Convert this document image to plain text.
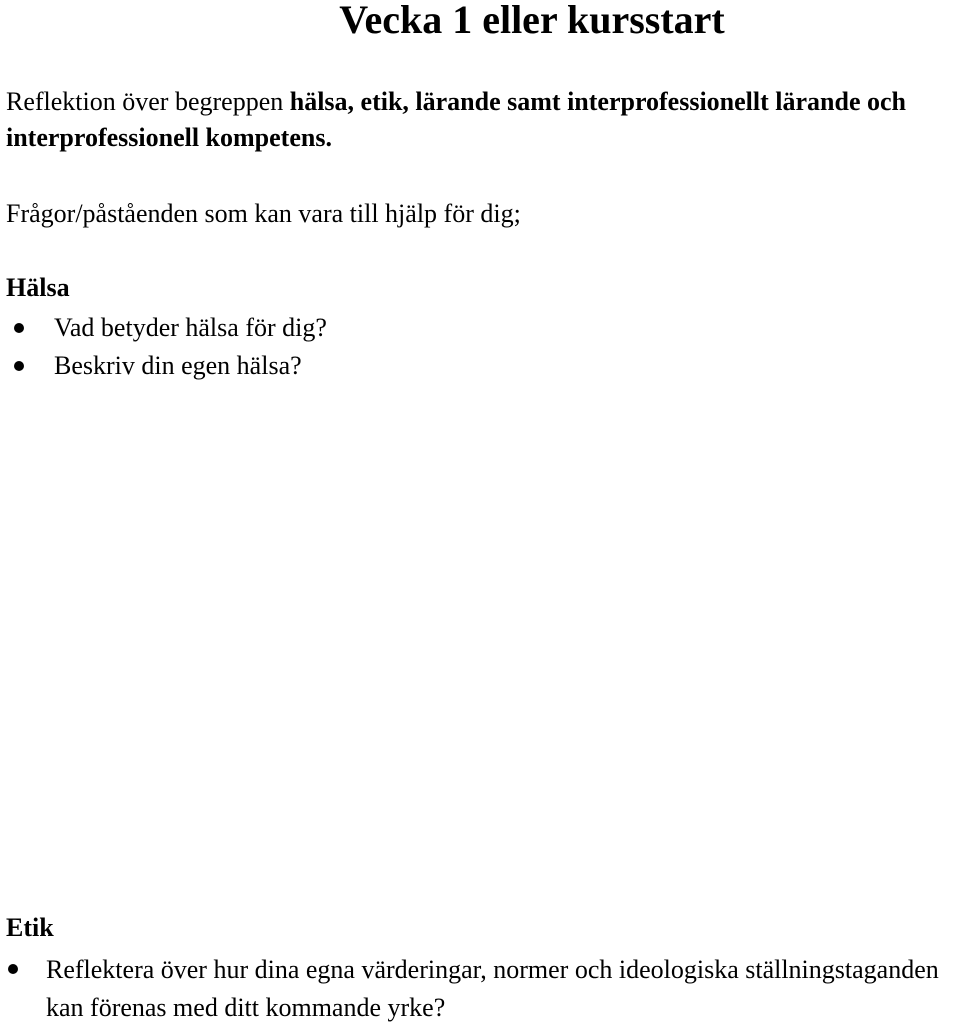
Vecka 1 eller kursstart

Reflektion över begreppen hälsa, etik, lärande samt interprofessionellt lärande och interprofessionell kompetens.

Frågor/påståenden som kan vara till hjälp för dig;

Hälsa
Vad betyder hälsa för dig?
Beskriv din egen hälsa?
Etik
Reflektera över hur dina egna värderingar, normer och ideologiska ställningstaganden kan förenas med ditt kommande yrke?
